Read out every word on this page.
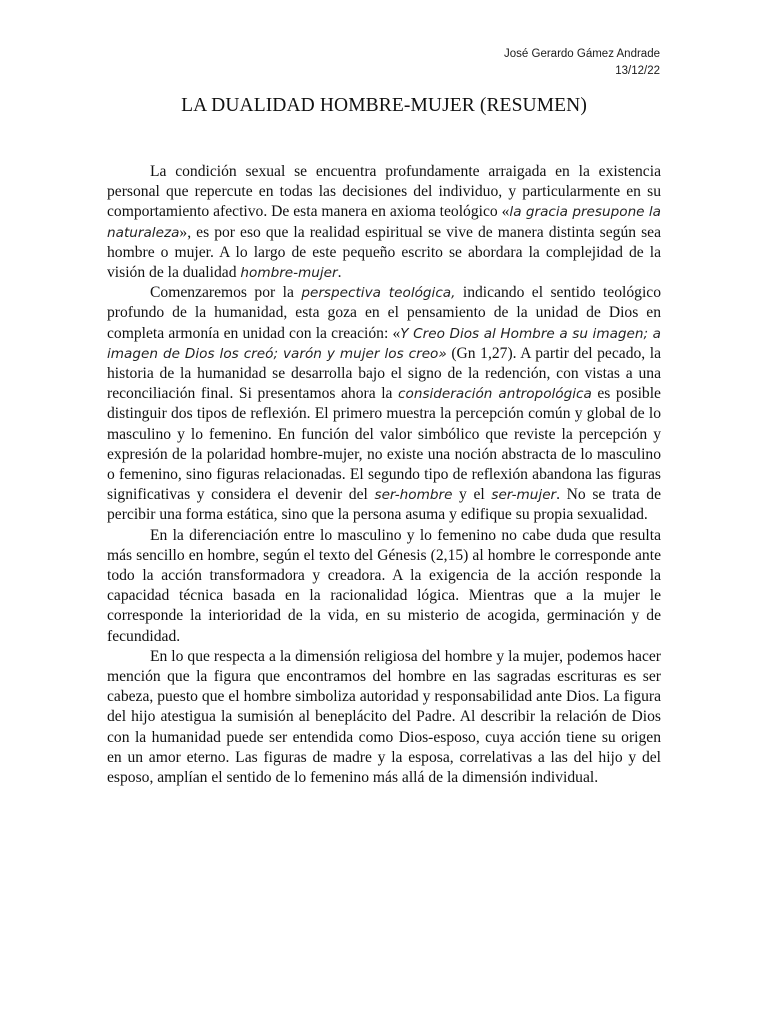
José Gerardo Gámez Andrade
13/12/22
LA DUALIDAD HOMBRE-MUJER (RESUMEN)

La condición sexual se encuentra profundamente arraigada en la existencia personal que repercute en todas las decisiones del individuo, y particularmente en su comportamiento afectivo. De esta manera en axioma teológico «la gracia presupone la naturaleza», es por eso que la realidad espiritual se vive de manera distinta según sea hombre o mujer. A lo largo de este pequeño escrito se abordara la complejidad de la visión de la dualidad hombre-mujer.

Comenzaremos por la perspectiva teológica, indicando el sentido teológico profundo de la humanidad, esta goza en el pensamiento de la unidad de Dios en completa armonía en unidad con la creación: «Y Creo Dios al Hombre a su imagen; a imagen de Dios los creó; varón y mujer los creo» (Gn 1,27). A partir del pecado, la historia de la humanidad se desarrolla bajo el signo de la redención, con vistas a una reconciliación final. Si presentamos ahora la consideración antropológica es posible distinguir dos tipos de reflexión. El primero muestra la percepción común y global de lo masculino y lo femenino. En función del valor simbólico que reviste la percepción y expresión de la polaridad hombre-mujer, no existe una noción abstracta de lo masculino o femenino, sino figuras relacionadas. El segundo tipo de reflexión abandona las figuras significativas y considera el devenir del ser-hombre y el ser-mujer. No se trata de percibir una forma estática, sino que la persona asuma y edifique su propia sexualidad.

En la diferenciación entre lo masculino y lo femenino no cabe duda que resulta más sencillo en hombre, según el texto del Génesis (2,15) al hombre le corresponde ante todo la acción transformadora y creadora. A la exigencia de la acción responde la capacidad técnica basada en la racionalidad lógica. Mientras que a la mujer le corresponde la interioridad de la vida, en su misterio de acogida, germinación y de fecundidad.

En lo que respecta a la dimensión religiosa del hombre y la mujer, podemos hacer mención que la figura que encontramos del hombre en las sagradas escrituras es ser cabeza, puesto que el hombre simboliza autoridad y responsabilidad ante Dios. La figura del hijo atestigua la sumisión al beneplácito del Padre. Al describir la relación de Dios con la humanidad puede ser entendida como Dios-esposo, cuya acción tiene su origen en un amor eterno. Las figuras de madre y la esposa, correlativas a las del hijo y del esposo, amplían el sentido de lo femenino más allá de la dimensión individual.
